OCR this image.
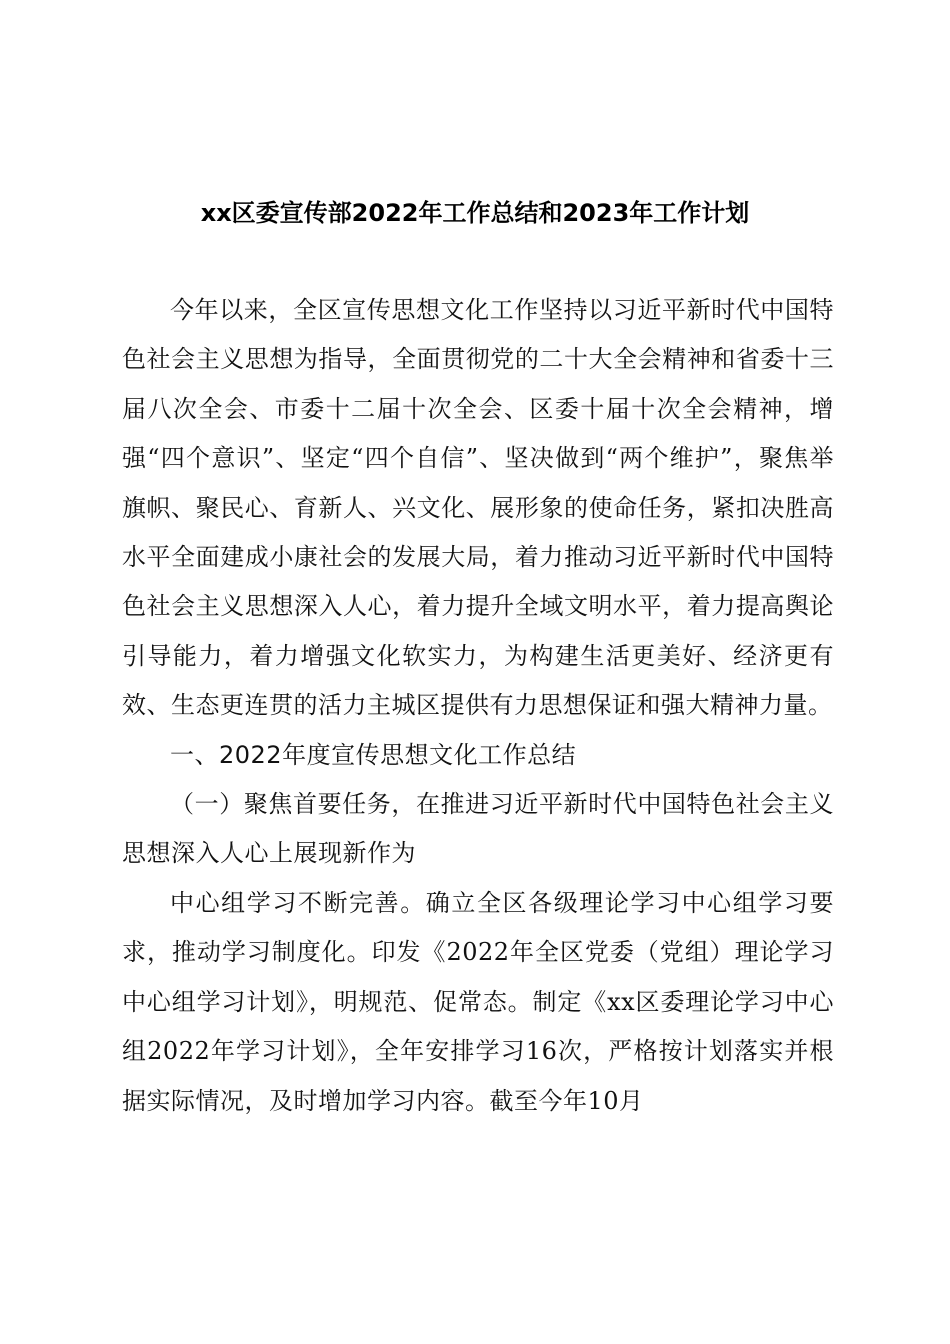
xx区委宣传部2022年工作总结和2023年工作计划

今年以来，全区宣传思想文化工作坚持以习近平新时代中国特色社会主义思想为指导，全面贯彻党的二十大全会精神和省委十三届八次全会、市委十二届十次全会、区委十届十次全会精神，增强“四个意识”、坚定“四个自信”、坚决做到“两个维护”，聚焦举旗帜、聚民心、育新人、兴文化、展形象的使命任务，紧扣决胜高水平全面建成小康社会的发展大局，着力推动习近平新时代中国特色社会主义思想深入人心，着力提升全域文明水平，着力提高舆论引导能力，着力增强文化软实力，为构建生活更美好、经济更有效、生态更连贯的活力主城区提供有力思想保证和强大精神力量。

一、2022年度宣传思想文化工作总结

（一）聚焦首要任务，在推进习近平新时代中国特色社会主义思想深入人心上展现新作为

中心组学习不断完善。确立全区各级理论学习中心组学习要求，推动学习制度化。印发《2022年全区党委（党组）理论学习中心组学习计划》，明规范、促常态。制定《xx区委理论学习中心组2022年学习计划》，全年安排学习16次，严格按计划落实并根据实际情况，及时增加学习内容。截至今年10月
